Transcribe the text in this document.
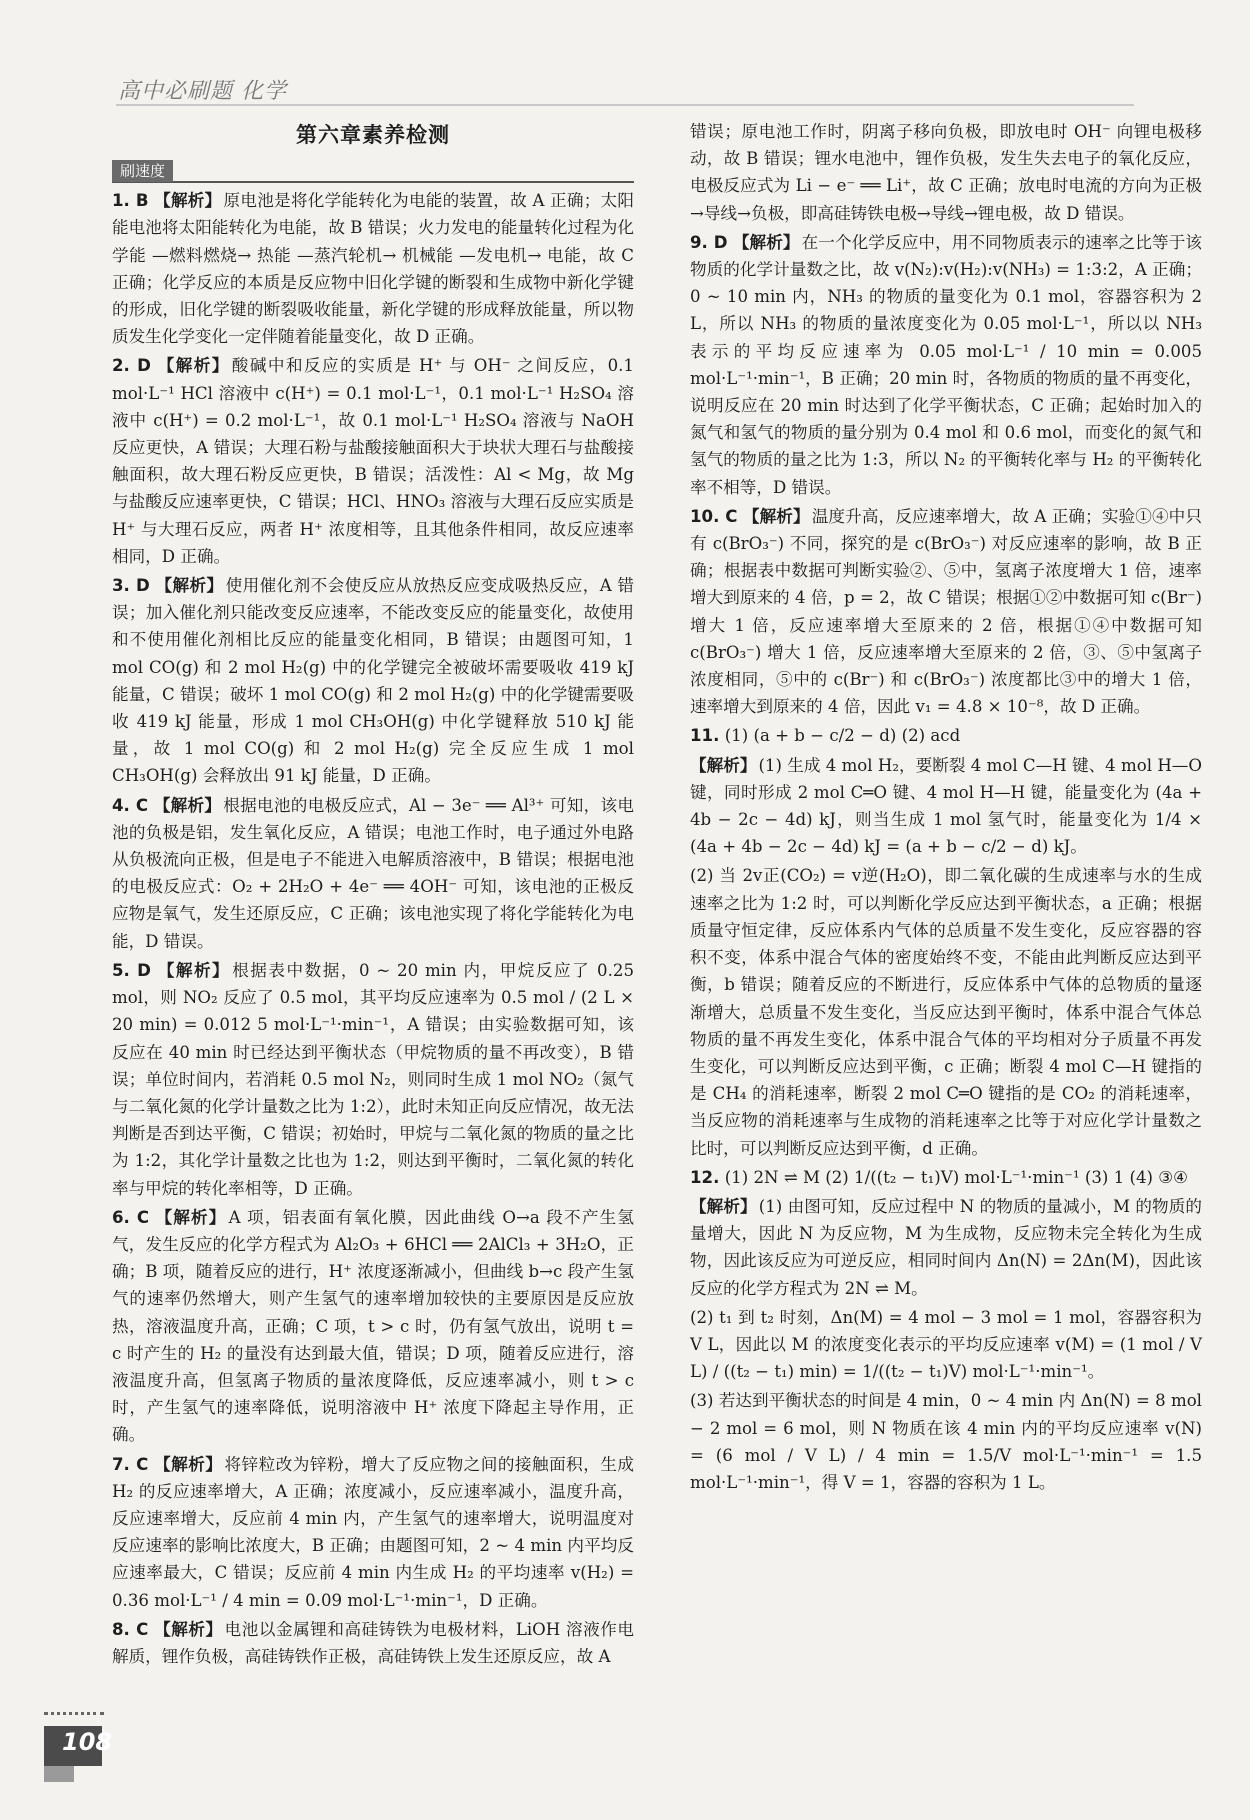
高中必刷题 化学
第六章素养检测
刷速度
1. B 【解析】 原电池是将化学能转化为电能的装置，故 A 正确；太阳能电池将太阳能转化为电能，故 B 错误；火力发电的能量转化过程为化学能 —燃料燃烧→ 热能 —蒸汽轮机→ 机械能 —发电机→ 电能，故 C 正确；化学反应的本质是反应物中旧化学键的断裂和生成物中新化学键的形成，旧化学键的断裂吸收能量，新化学键的形成释放能量，所以物质发生化学变化一定伴随着能量变化，故 D 正确。
2. D 【解析】 酸碱中和反应的实质是 H⁺ 与 OH⁻ 之间反应，0.1 mol·L⁻¹ HCl 溶液中 c(H⁺) = 0.1 mol·L⁻¹，0.1 mol·L⁻¹ H₂SO₄ 溶液中 c(H⁺) = 0.2 mol·L⁻¹，故 0.1 mol·L⁻¹ H₂SO₄ 溶液与 NaOH 反应更快，A 错误；大理石粉与盐酸接触面积大于块状大理石与盐酸接触面积，故大理石粉反应更快，B 错误；活泼性：Al < Mg，故 Mg 与盐酸反应速率更快，C 错误；HCl、HNO₃ 溶液与大理石反应实质是 H⁺ 与大理石反应，两者 H⁺ 浓度相等，且其他条件相同，故反应速率相同，D 正确。
3. D 【解析】 使用催化剂不会使反应从放热反应变成吸热反应，A 错误；加入催化剂只能改变反应速率，不能改变反应的能量变化，故使用和不使用催化剂相比反应的能量变化相同，B 错误；由题图可知，1 mol CO(g) 和 2 mol H₂(g) 中的化学键完全被破坏需要吸收 419 kJ 能量，C 错误；破坏 1 mol CO(g) 和 2 mol H₂(g) 中的化学键需要吸收 419 kJ 能量，形成 1 mol CH₃OH(g) 中化学键释放 510 kJ 能量，故 1 mol CO(g) 和 2 mol H₂(g) 完全反应生成 1 mol CH₃OH(g) 会释放出 91 kJ 能量，D 正确。
4. C 【解析】 根据电池的电极反应式，Al − 3e⁻ ══ Al³⁺ 可知，该电池的负极是铝，发生氧化反应，A 错误；电池工作时，电子通过外电路从负极流向正极，但是电子不能进入电解质溶液中，B 错误；根据电池的电极反应式：O₂ + 2H₂O + 4e⁻ ══ 4OH⁻ 可知，该电池的正极反应物是氧气，发生还原反应，C 正确；该电池实现了将化学能转化为电能，D 错误。
5. D 【解析】 根据表中数据，0 ~ 20 min 内，甲烷反应了 0.25 mol，则 NO₂ 反应了 0.5 mol，其平均反应速率为 0.5 mol / (2 L × 20 min) = 0.012 5 mol·L⁻¹·min⁻¹，A 错误；由实验数据可知，该反应在 40 min 时已经达到平衡状态（甲烷物质的量不再改变），B 错误；单位时间内，若消耗 0.5 mol N₂，则同时生成 1 mol NO₂（氮气与二氧化氮的化学计量数之比为 1:2），此时未知正向反应情况，故无法判断是否到达平衡，C 错误；初始时，甲烷与二氧化氮的物质的量之比为 1:2，其化学计量数之比也为 1:2，则达到平衡时，二氧化氮的转化率与甲烷的转化率相等，D 正确。
6. C 【解析】 A 项，铝表面有氧化膜，因此曲线 O→a 段不产生氢气，发生反应的化学方程式为 Al₂O₃ + 6HCl ══ 2AlCl₃ + 3H₂O，正确；B 项，随着反应的进行，H⁺ 浓度逐渐减小，但曲线 b→c 段产生氢气的速率仍然增大，则产生氢气的速率增加较快的主要原因是反应放热，溶液温度升高，正确；C 项，t > c 时，仍有氢气放出，说明 t = c 时产生的 H₂ 的量没有达到最大值，错误；D 项，随着反应进行，溶液温度升高，但氢离子物质的量浓度降低，反应速率减小，则 t > c 时，产生氢气的速率降低，说明溶液中 H⁺ 浓度下降起主导作用，正确。
7. C 【解析】 将锌粒改为锌粉，增大了反应物之间的接触面积，生成 H₂ 的反应速率增大，A 正确；浓度减小，反应速率减小，温度升高，反应速率增大，反应前 4 min 内，产生氢气的速率增大，说明温度对反应速率的影响比浓度大，B 正确；由题图可知，2 ~ 4 min 内平均反应速率最大，C 错误；反应前 4 min 内生成 H₂ 的平均速率 v(H₂) = 0.36 mol·L⁻¹ / 4 min = 0.09 mol·L⁻¹·min⁻¹，D 正确。
8. C 【解析】 电池以金属锂和高硅铸铁为电极材料，LiOH 溶液作电解质，锂作负极，高硅铸铁作正极，高硅铸铁上发生还原反应，故 A
错误；原电池工作时，阴离子移向负极，即放电时 OH⁻ 向锂电极移动，故 B 错误；锂水电池中，锂作负极，发生失去电子的氧化反应，电极反应式为 Li − e⁻ ══ Li⁺，故 C 正确；放电时电流的方向为正极→导线→负极，即高硅铸铁电极→导线→锂电极，故 D 错误。
9. D 【解析】 在一个化学反应中，用不同物质表示的速率之比等于该物质的化学计量数之比，故 v(N₂):v(H₂):v(NH₃) = 1:3:2，A 正确；0 ~ 10 min 内，NH₃ 的物质的量变化为 0.1 mol，容器容积为 2 L，所以 NH₃ 的物质的量浓度变化为 0.05 mol·L⁻¹，所以以 NH₃ 表示的平均反应速率为 0.05 mol·L⁻¹ / 10 min = 0.005 mol·L⁻¹·min⁻¹，B 正确；20 min 时，各物质的物质的量不再变化，说明反应在 20 min 时达到了化学平衡状态，C 正确；起始时加入的氮气和氢气的物质的量分别为 0.4 mol 和 0.6 mol，而变化的氮气和氢气的物质的量之比为 1:3，所以 N₂ 的平衡转化率与 H₂ 的平衡转化率不相等，D 错误。
10. C 【解析】 温度升高，反应速率增大，故 A 正确；实验①④中只有 c(BrO₃⁻) 不同，探究的是 c(BrO₃⁻) 对反应速率的影响，故 B 正确；根据表中数据可判断实验②、⑤中，氢离子浓度增大 1 倍，速率增大到原来的 4 倍，p = 2，故 C 错误；根据①②中数据可知 c(Br⁻) 增大 1 倍，反应速率增大至原来的 2 倍，根据①④中数据可知 c(BrO₃⁻) 增大 1 倍，反应速率增大至原来的 2 倍，③、⑤中氢离子浓度相同，⑤中的 c(Br⁻) 和 c(BrO₃⁻) 浓度都比③中的增大 1 倍，速率增大到原来的 4 倍，因此 v₁ = 4.8 × 10⁻⁸，故 D 正确。
11. (1) (a + b − c/2 − d) (2) acd
【解析】 (1) 生成 4 mol H₂，要断裂 4 mol C—H 键、4 mol H—O 键，同时形成 2 mol C═O 键、4 mol H—H 键，能量变化为 (4a + 4b − 2c − 4d) kJ，则当生成 1 mol 氢气时，能量变化为 1/4 × (4a + 4b − 2c − 4d) kJ = (a + b − c/2 − d) kJ。
(2) 当 2v正(CO₂) = v逆(H₂O)，即二氧化碳的生成速率与水的生成速率之比为 1:2 时，可以判断化学反应达到平衡状态，a 正确；根据质量守恒定律，反应体系内气体的总质量不发生变化，反应容器的容积不变，体系中混合气体的密度始终不变，不能由此判断反应达到平衡，b 错误；随着反应的不断进行，反应体系中气体的总物质的量逐渐增大，总质量不发生变化，当反应达到平衡时，体系中混合气体总物质的量不再发生变化，体系中混合气体的平均相对分子质量不再发生变化，可以判断反应达到平衡，c 正确；断裂 4 mol C—H 键指的是 CH₄ 的消耗速率，断裂 2 mol C═O 键指的是 CO₂ 的消耗速率，当反应物的消耗速率与生成物的消耗速率之比等于对应化学计量数之比时，可以判断反应达到平衡，d 正确。
12. (1) 2N ⇌ M (2) 1/((t₂ − t₁)V) mol·L⁻¹·min⁻¹ (3) 1 (4) ③④
【解析】 (1) 由图可知，反应过程中 N 的物质的量减小，M 的物质的量增大，因此 N 为反应物，M 为生成物，反应物未完全转化为生成物，因此该反应为可逆反应，相同时间内 Δn(N) = 2Δn(M)，因此该反应的化学方程式为 2N ⇌ M。
(2) t₁ 到 t₂ 时刻，Δn(M) = 4 mol − 3 mol = 1 mol，容器容积为 V L，因此以 M 的浓度变化表示的平均反应速率 v(M) = (1 mol / V L) / ((t₂ − t₁) min) = 1/((t₂ − t₁)V) mol·L⁻¹·min⁻¹。
(3) 若达到平衡状态的时间是 4 min，0 ~ 4 min 内 Δn(N) = 8 mol − 2 mol = 6 mol，则 N 物质在该 4 min 内的平均反应速率 v(N) = (6 mol / V L) / 4 min = 1.5/V mol·L⁻¹·min⁻¹ = 1.5 mol·L⁻¹·min⁻¹，得 V = 1，容器的容积为 1 L。
108
